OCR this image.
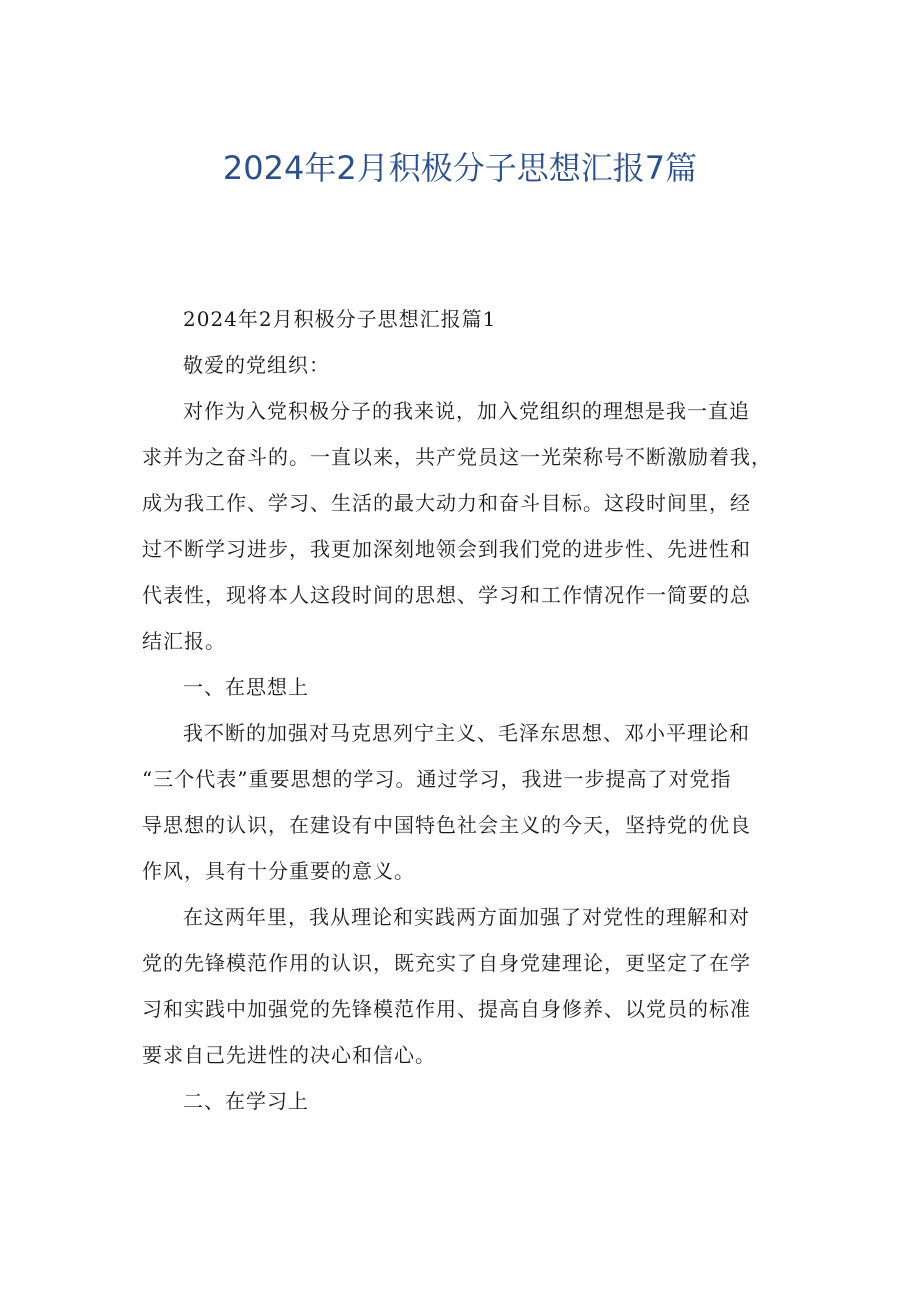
2024年2月积极分子思想汇报7篇
2024年2月积极分子思想汇报篇1
敬爱的党组织：
对作为入党积极分子的我来说，加入党组织的理想是我一直追
求并为之奋斗的。一直以来，共产党员这一光荣称号不断激励着我，
成为我工作、学习、生活的最大动力和奋斗目标。这段时间里，经
过不断学习进步，我更加深刻地领会到我们党的进步性、先进性和
代表性，现将本人这段时间的思想、学习和工作情况作一简要的总
结汇报。
一、在思想上
我不断的加强对马克思列宁主义、毛泽东思想、邓小平理论和
“三个代表”重要思想的学习。通过学习，我进一步提高了对党指
导思想的认识，在建设有中国特色社会主义的今天，坚持党的优良
作风，具有十分重要的意义。
在这两年里，我从理论和实践两方面加强了对党性的理解和对
党的先锋模范作用的认识，既充实了自身党建理论，更坚定了在学
习和实践中加强党的先锋模范作用、提高自身修养、以党员的标准
要求自己先进性的决心和信心。
二、在学习上
